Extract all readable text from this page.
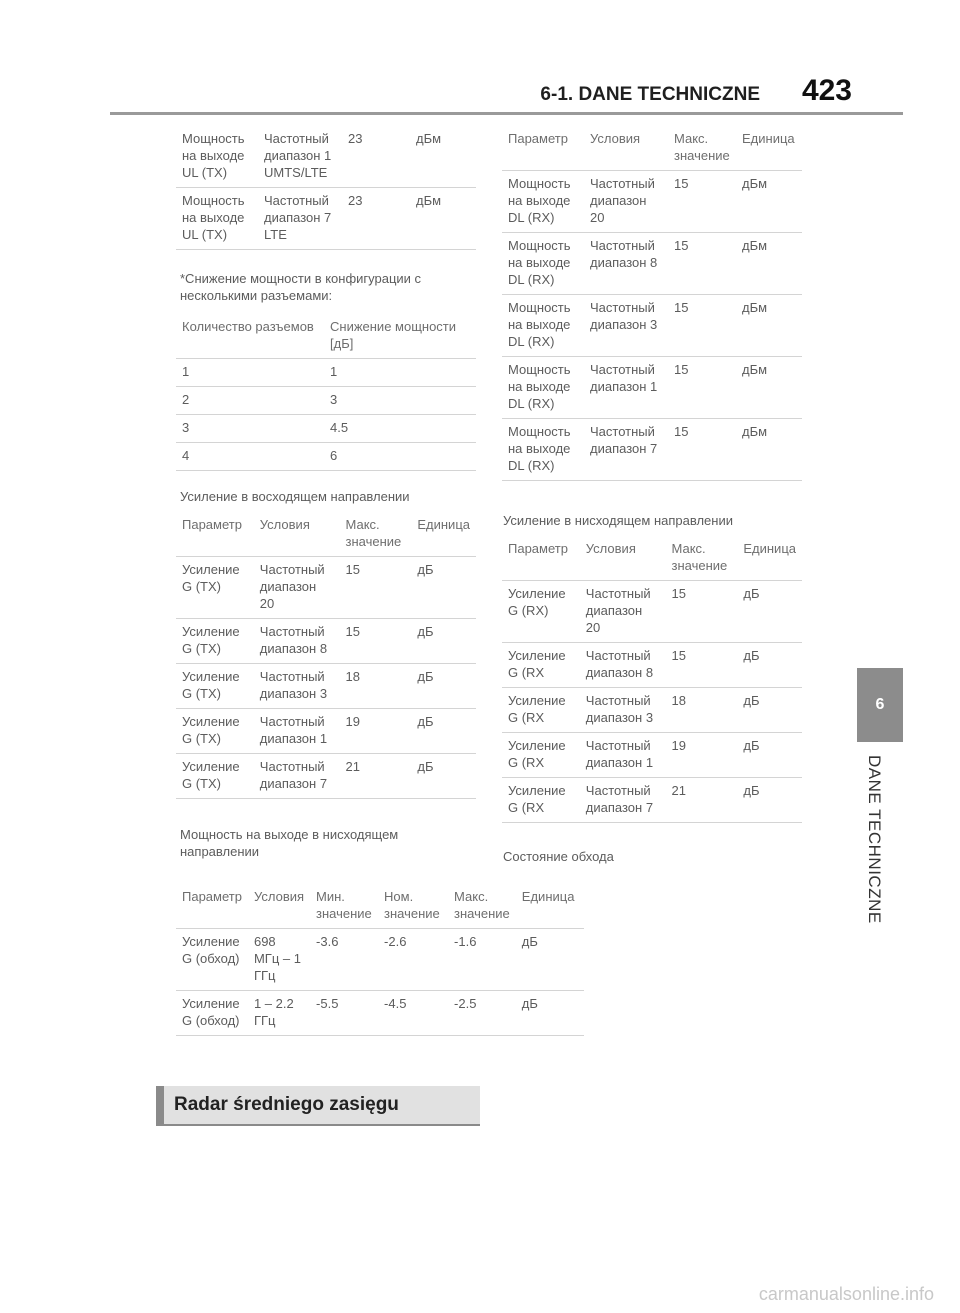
6-1. DANE TECHNICZNE 423
6
DANE TECHNICZNE
Мощность на выходе UL (TX)	Частотный диапазон 1 UMTS/LTE	23	дБм
Мощность на выходе UL (TX)	Частотный диапазон 7 LTE	23	дБм
*Снижение мощности в конфигурации с несколькими разъемами:
Количество разъемов	Снижение мощности [дБ]
1	1
2	3
3	4.5
4	6
Усиление в восходящем направлении
Параметр	Условия	Макс. значение	Единица
Усиление G (TX)	Частотный диапазон 20	15	дБ
Усиление G (TX)	Частотный диапазон 8	15	дБ
Усиление G (TX)	Частотный диапазон 3	18	дБ
Усиление G (TX)	Частотный диапазон 1	19	дБ
Усиление G (TX)	Частотный диапазон 7	21	дБ
Мощность на выходе в нисходящем направлении
Параметр	Условия	Макс. значение	Единица
Мощность на выходе DL (RX)	Частотный диапазон 20	15	дБм
Мощность на выходе DL (RX)	Частотный диапазон 8	15	дБм
Мощность на выходе DL (RX)	Частотный диапазон 3	15	дБм
Мощность на выходе DL (RX)	Частотный диапазон 1	15	дБм
Мощность на выходе DL (RX)	Частотный диапазон 7	15	дБм
Усиление в нисходящем направлении
Параметр	Условия	Макс. значение	Единица
Усиление G (RX)	Частотный диапазон 20	15	дБ
Усиление G (RX	Частотный диапазон 8	15	дБ
Усиление G (RX	Частотный диапазон 3	18	дБ
Усиление G (RX	Частотный диапазон 1	19	дБ
Усиление G (RX	Частотный диапазон 7	21	дБ
Состояние обхода
Параметр	Условия	Мин. значение	Ном. значение	Макс. значение	Единица
Усиление G (обход)	698 МГц – 1 ГГц	-3.6	-2.6	-1.6	дБ
Усиление G (обход)	1 – 2.2 ГГц	-5.5	-4.5	-2.5	дБ
Radar średniego zasięgu
carmanualsonline.info
